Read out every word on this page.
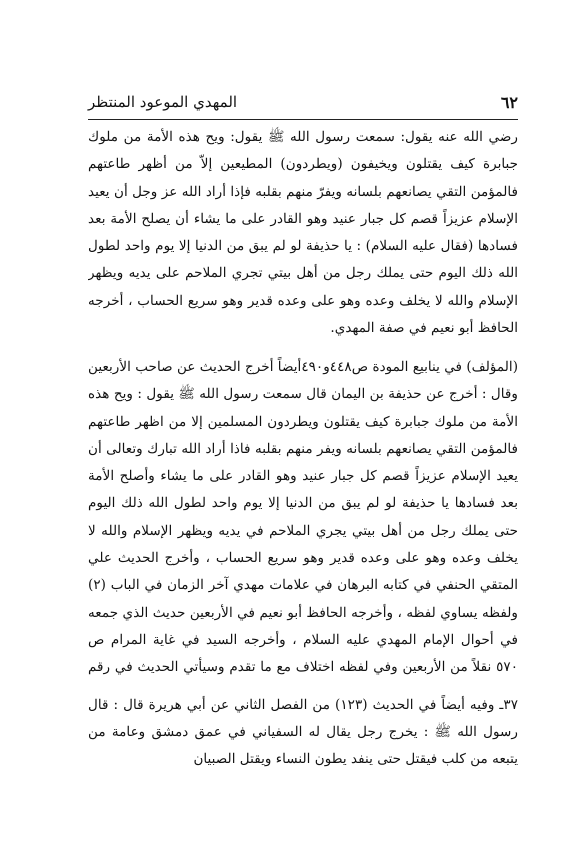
٦٢
المهدي الموعود المنتظر

رضي الله عنه يقول: سمعت رسول الله ﷺ يقول: ويح هذه الأمة من ملوك جبابرة كيف يقتلون ويخيفون (ويطردون) المطيعين إلاّ من أظهر طاعتهم فالمؤمن التقي يصانعهم بلسانه ويفرّ منهم بقلبه فإذا أراد الله عز وجل أن يعيد الإسلام عزيزاً قصم كل جبار عنيد وهو القادر على ما يشاء أن يصلح الأمة بعد فسادها (فقال عليه السلام) : يا حذيفة لو لم يبق من الدنيا إلا يوم واحد لطول الله ذلك اليوم حتى يملك رجل من أهل بيتي تجري الملاحم على يديه ويظهر الإسلام والله لا يخلف وعده وهو على وعده قدير وهو سريع الحساب ، أخرجه الحافظ أبو نعيم في صفة المهدي.

(المؤلف) في ينابيع المودة ص٤٤٨و٤٩٠أيضاً أخرج الحديث عن صاحب الأربعين وقال : أخرج عن حذيفة بن اليمان قال سمعت رسول الله ﷺ يقول : ويح هذه الأمة من ملوك جبابرة كيف يقتلون ويطردون المسلمين إلا من اظهر طاعتهم فالمؤمن التقي يصانعهم بلسانه ويفر منهم بقلبه فاذا أراد الله تبارك وتعالى أن يعيد الإسلام عزيزاً قصم كل جبار عنيد وهو القادر على ما يشاء وأصلح الأمة بعد فسادها يا حذيفة لو لم يبق من الدنيا إلا يوم واحد لطول الله ذلك اليوم حتى يملك رجل من أهل بيتي يجري الملاحم في يديه ويظهر الإسلام والله لا يخلف وعده وهو على وعده قدير وهو سريع الحساب ، وأخرج الحديث علي المتقي الحنفي في كتابه البرهان في علامات مهدي آخر الزمان في الباب (٢) ولفظه يساوي لفظه ، وأخرجه الحافظ أبو نعيم في الأربعين حديث الذي جمعه في أحوال الإمام المهدي عليه السلام ، وأخرجه السيد في غاية المرام ص ٥٧٠ نقلاً من الأربعين وفي لفظه اختلاف مع ما تقدم وسيأتي الحديث في رقم

٣٧ـ وفيه أيضاً في الحديث (١٢٣) من الفصل الثاني عن أبي هريرة قال : قال رسول الله ﷺ : يخرج رجل يقال له السفياني في عمق دمشق وعامة من يتبعه من كلب فيقتل حتى ينفد يطون النساء ويقتل الصبيان
